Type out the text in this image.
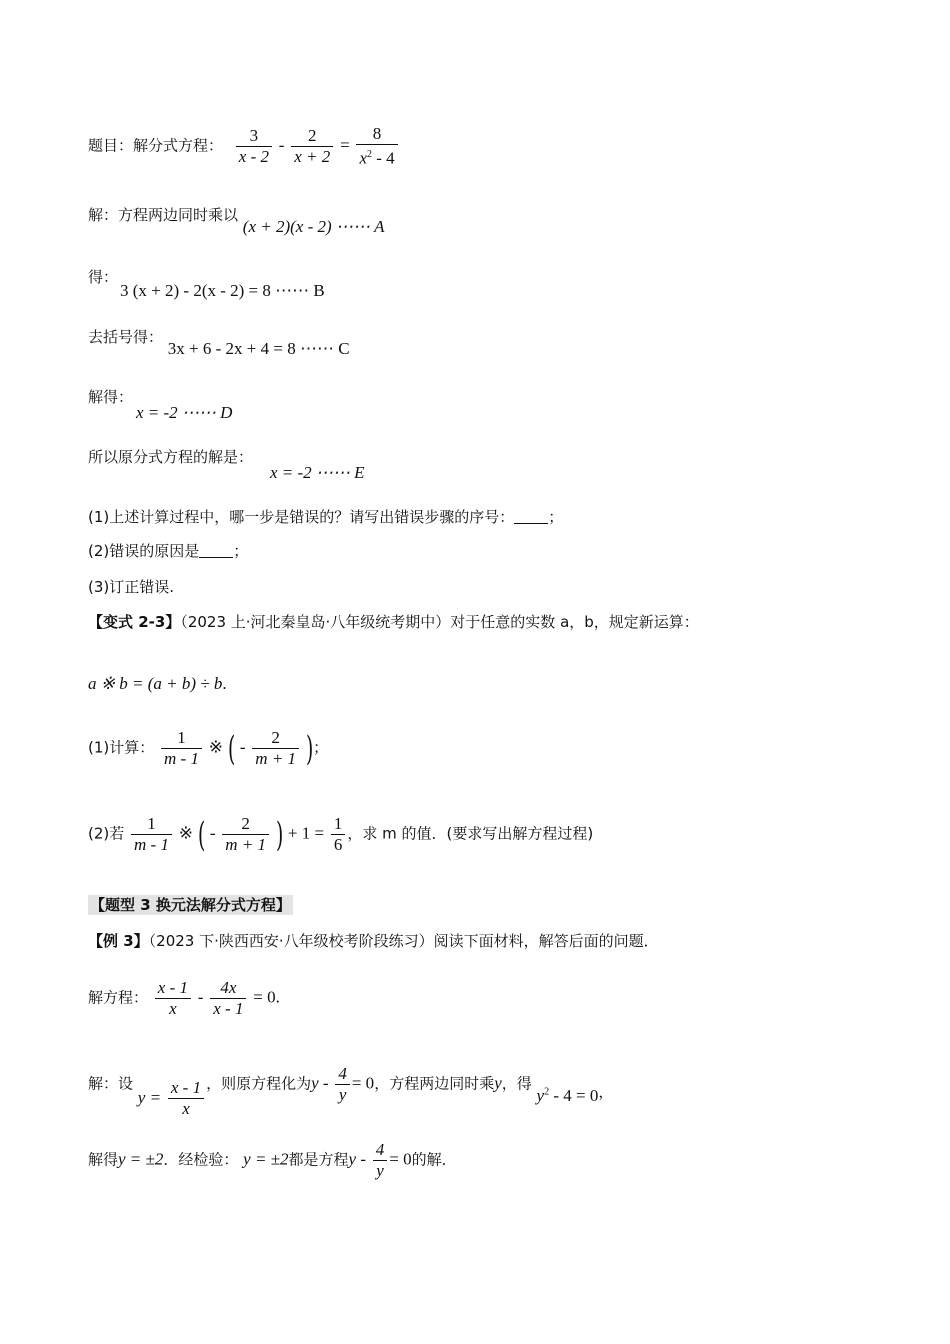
题目：解分式方程： $\frac{3}{x - 2} - \frac{2}{x + 2} = \frac{8}{x^2 - 4}$
解：方程两边同时乘以 (x + 2)(x - 2) ⋯⋯ A
得：
3 (x + 2) - 2(x - 2) = 8 ⋯⋯ B
去括号得： 3x + 6 - 2x + 4 = 8 ⋯⋯ C
解得：
x = -2 ⋯⋯ D
所以原分式方程的解是：
x = -2 ⋯⋯ E
(1)上述计算过程中，哪一步是错误的？请写出错误步骤的序号： ；
(2)错误的原因是 ；
(3)订正错误.
【变式 2-3】（2023 上·河北秦皇岛·八年级统考期中）对于任意的实数 a，b，规定新运算：
a ※ b = (a + b) ÷ b.
(1)计算： $\frac{1}{m - 1}$ ※ ( - $\frac{2}{m + 1}$ )；
(2)若 $\frac{1}{m - 1}$ ※ ( - $\frac{2}{m + 1}$ ) + $1 = \frac{1}{6}$ ，求 m 的值．(要求写出解方程过程)
【题型 3 换元法解分式方程】
【例 3】（2023 下·陕西西安·八年级校考阶段练习）阅读下面材料，解答后面的问题．
解方程： $\frac{x - 1}{x} - \frac{4x}{x - 1} = 0$.
解：设 $y = \frac{x - 1}{x}$ ，则原方程化为$y - \frac{4}{y} = 0$，方程两边同时乘y，得 $y^2 - 4 = 0$，
解得y = ±2．经检验： y = ±2都是方程$y - \frac{4}{y} = 0$的解．
